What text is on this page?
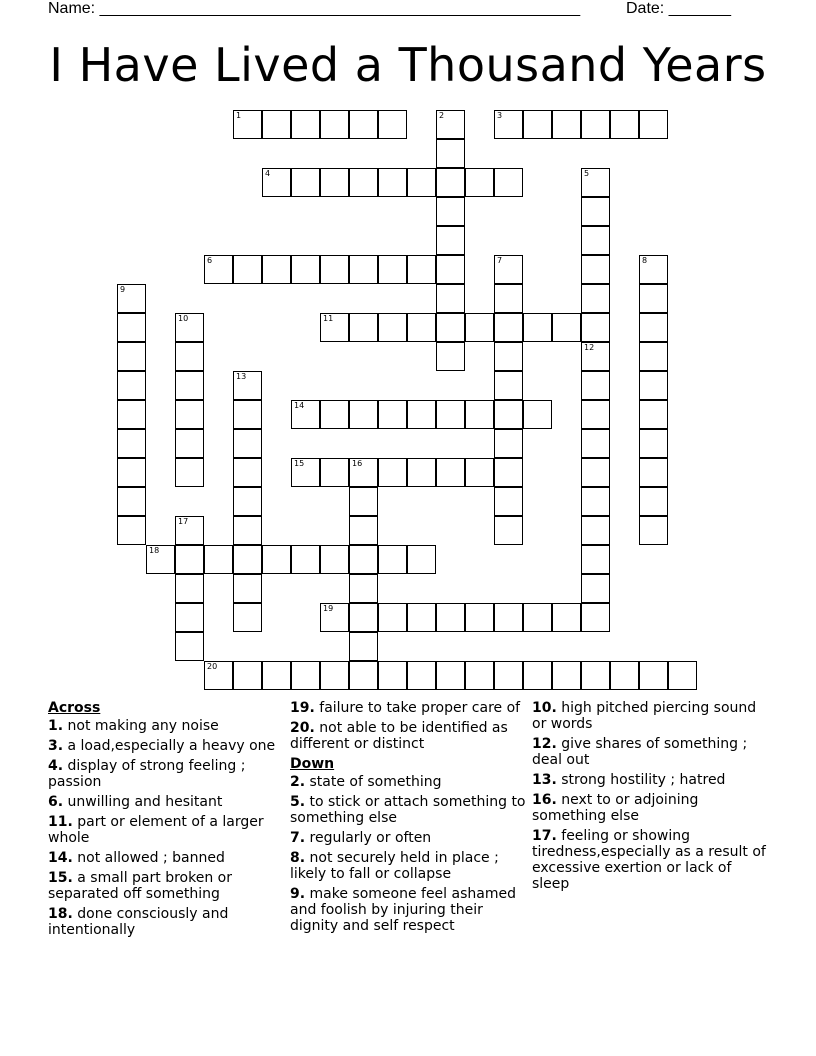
Name: ______________________________________________________	Date: _______
I Have Lived a Thousand Years
1	2	3
4	5
6	7	8
9
10	11
12
13
14
15	16
17
18
19
20
Across
1. not making any noise
3. a load,especially a heavy one
4. display of strong feeling ; passion
6. unwilling and hesitant
11. part or element of a larger whole
14. not allowed ; banned
15. a small part broken or separated off something
18. done consciously and intentionally
19. failure to take proper care of
20. not able to be identified as different or distinct
Down
2. state of something
5. to stick or attach something to something else
7. regularly or often
8. not securely held in place ; likely to fall or collapse
9. make someone feel ashamed and foolish by injuring their dignity and self respect
10. high pitched piercing sound or words
12. give shares of something ; deal out
13. strong hostility ; hatred
16. next to or adjoining something else
17. feeling or showing tiredness,especially as a result of excessive exertion or lack of sleep
